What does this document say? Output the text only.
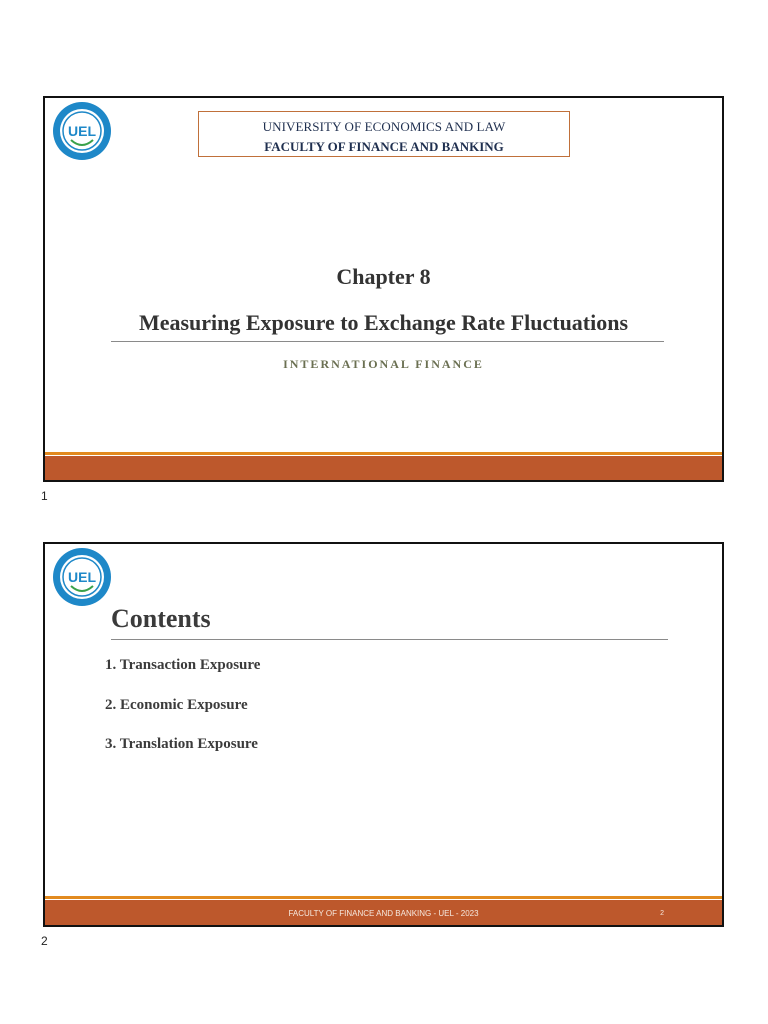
UEL	UNIVERSITY OF ECONOMICS AND LAW
FACULTY OF FINANCE AND BANKING
Chapter 8
Measuring Exposure to Exchange Rate Fluctuations
INTERNATIONAL FINANCE
1
UEL
Contents
1. Transaction Exposure
2. Economic Exposure
3. Translation Exposure
FACULTY OF FINANCE AND BANKING - UEL - 2023	2
2
